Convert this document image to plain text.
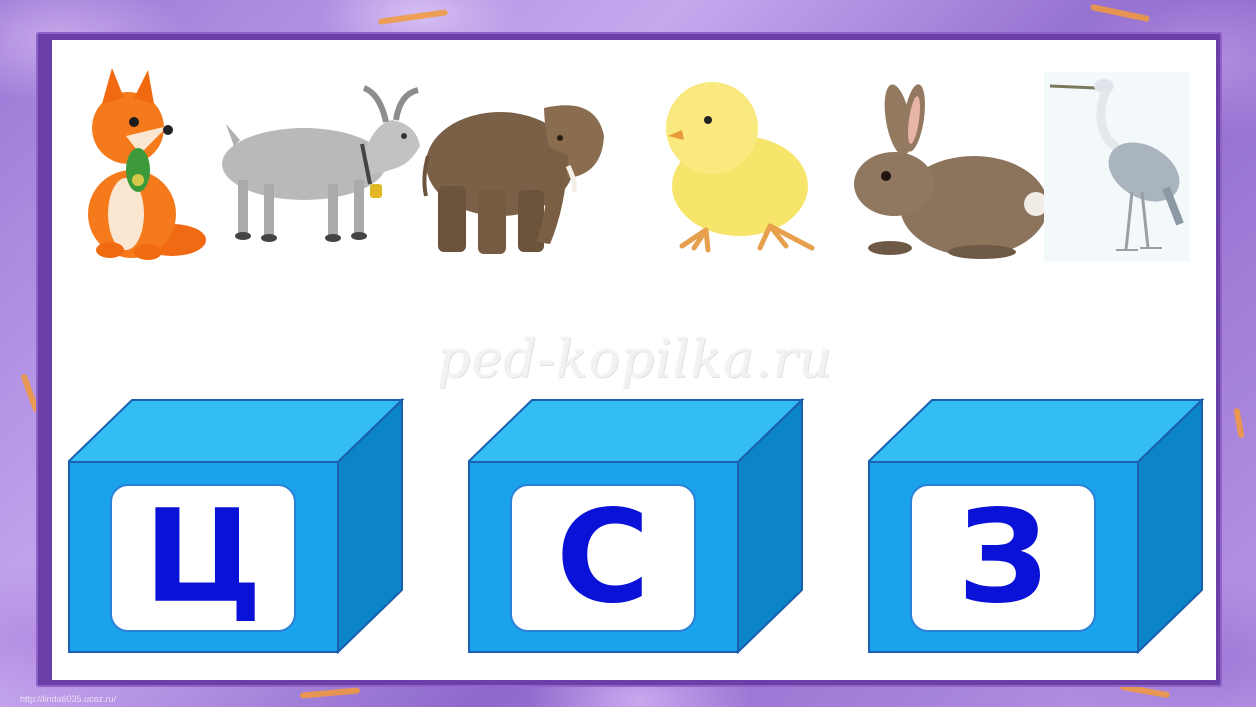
ped-kopilka.ru
Ц	С	З
http://linda6035.ucoz.ru/
